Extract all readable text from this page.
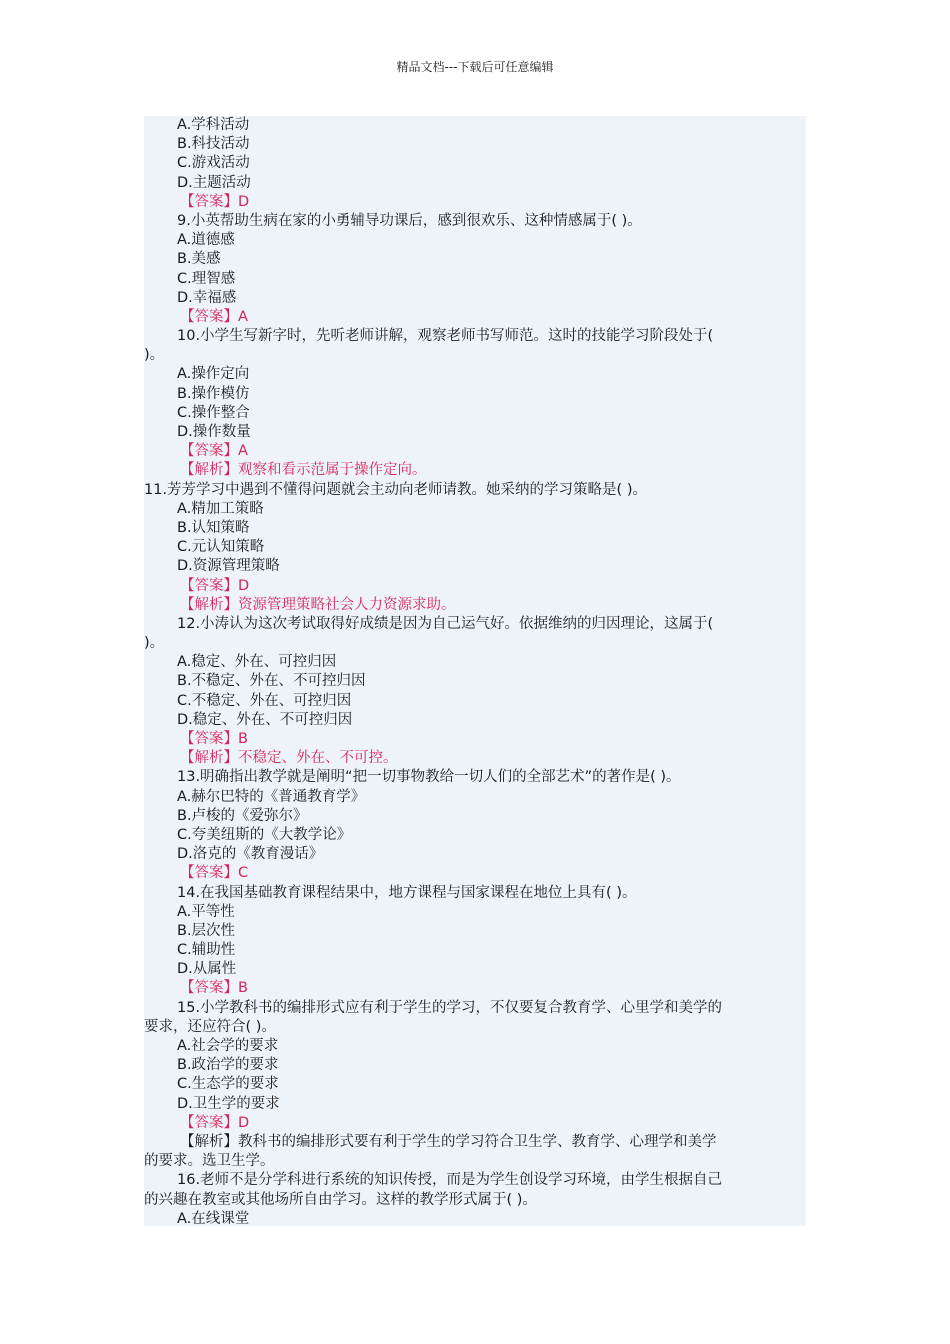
精品文档---下载后可任意编辑
A.学科活动
B.科技活动
C.游戏活动
D.主题活动
【答案】D
9.小英帮助生病在家的小勇辅导功课后，感到很欢乐、这种情感属于( )。
A.道德感
B.美感
C.理智感
D.幸福感
【答案】A
10.小学生写新字时，先听老师讲解，观察老师书写师范。这时的技能学习阶段处于(
)。
A.操作定向
B.操作模仿
C.操作整合
D.操作数量
【答案】A
【解析】观察和看示范属于操作定向。
11.芳芳学习中遇到不懂得问题就会主动向老师请教。她采纳的学习策略是( )。
A.精加工策略
B.认知策略
C.元认知策略
D.资源管理策略
【答案】D
【解析】资源管理策略社会人力资源求助。
12.小涛认为这次考试取得好成绩是因为自己运气好。依据维纳的归因理论，这属于(
)。
A.稳定、外在、可控归因
B.不稳定、外在、不可控归因
C.不稳定、外在、可控归因
D.稳定、外在、不可控归因
【答案】B
【解析】不稳定、外在、不可控。
13.明确指出教学就是阐明“把一切事物教给一切人们的全部艺术”的著作是( )。
A.赫尔巴特的《普通教育学》
B.卢梭的《爱弥尔》
C.夸美纽斯的《大教学论》
D.洛克的《教育漫话》
【答案】C
14.在我国基础教育课程结果中，地方课程与国家课程在地位上具有( )。
A.平等性
B.层次性
C.辅助性
D.从属性
【答案】B
15.小学教科书的编排形式应有利于学生的学习，不仅要复合教育学、心里学和美学的
要求，还应符合( )。
A.社会学的要求
B.政治学的要求
C.生态学的要求
D.卫生学的要求
【答案】D
【解析】教科书的编排形式要有利于学生的学习符合卫生学、教育学、心理学和美学
的要求。选卫生学。
16.老师不是分学科进行系统的知识传授，而是为学生创设学习环境，由学生根据自己
的兴趣在教室或其他场所自由学习。这样的教学形式属于( )。
A.在线课堂
